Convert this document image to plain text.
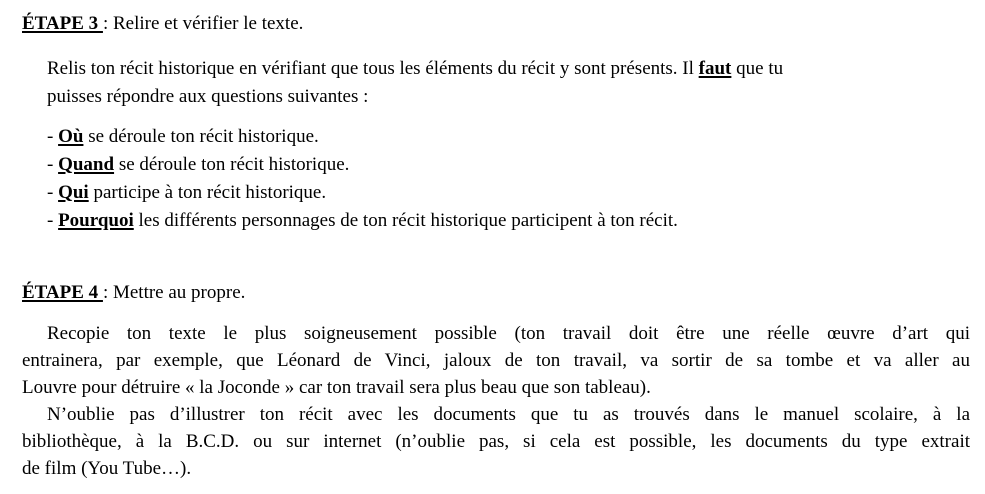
ÉTAPE 3 : Relire et vérifier le texte.
Relis ton récit historique en vérifiant que tous les éléments du récit y sont présents. Il faut que tu
puisses répondre aux questions suivantes :
- Où se déroule ton récit historique.
- Quand se déroule ton récit historique.
- Qui participe à ton récit historique.
- Pourquoi les différents personnages de ton récit historique participent à ton récit.
ÉTAPE 4 : Mettre au propre.
Recopie ton texte le plus soigneusement possible (ton travail doit être une réelle œuvre d’art qui
entrainera, par exemple, que Léonard de Vinci, jaloux de ton travail, va sortir de sa tombe et va aller au
Louvre pour détruire « la Joconde » car ton travail sera plus beau que son tableau).
N’oublie pas d’illustrer ton récit avec les documents que tu as trouvés dans le manuel scolaire, à la
bibliothèque, à la B.C.D. ou sur internet (n’oublie pas, si cela est possible, les documents du type extrait
de film (You Tube…).
